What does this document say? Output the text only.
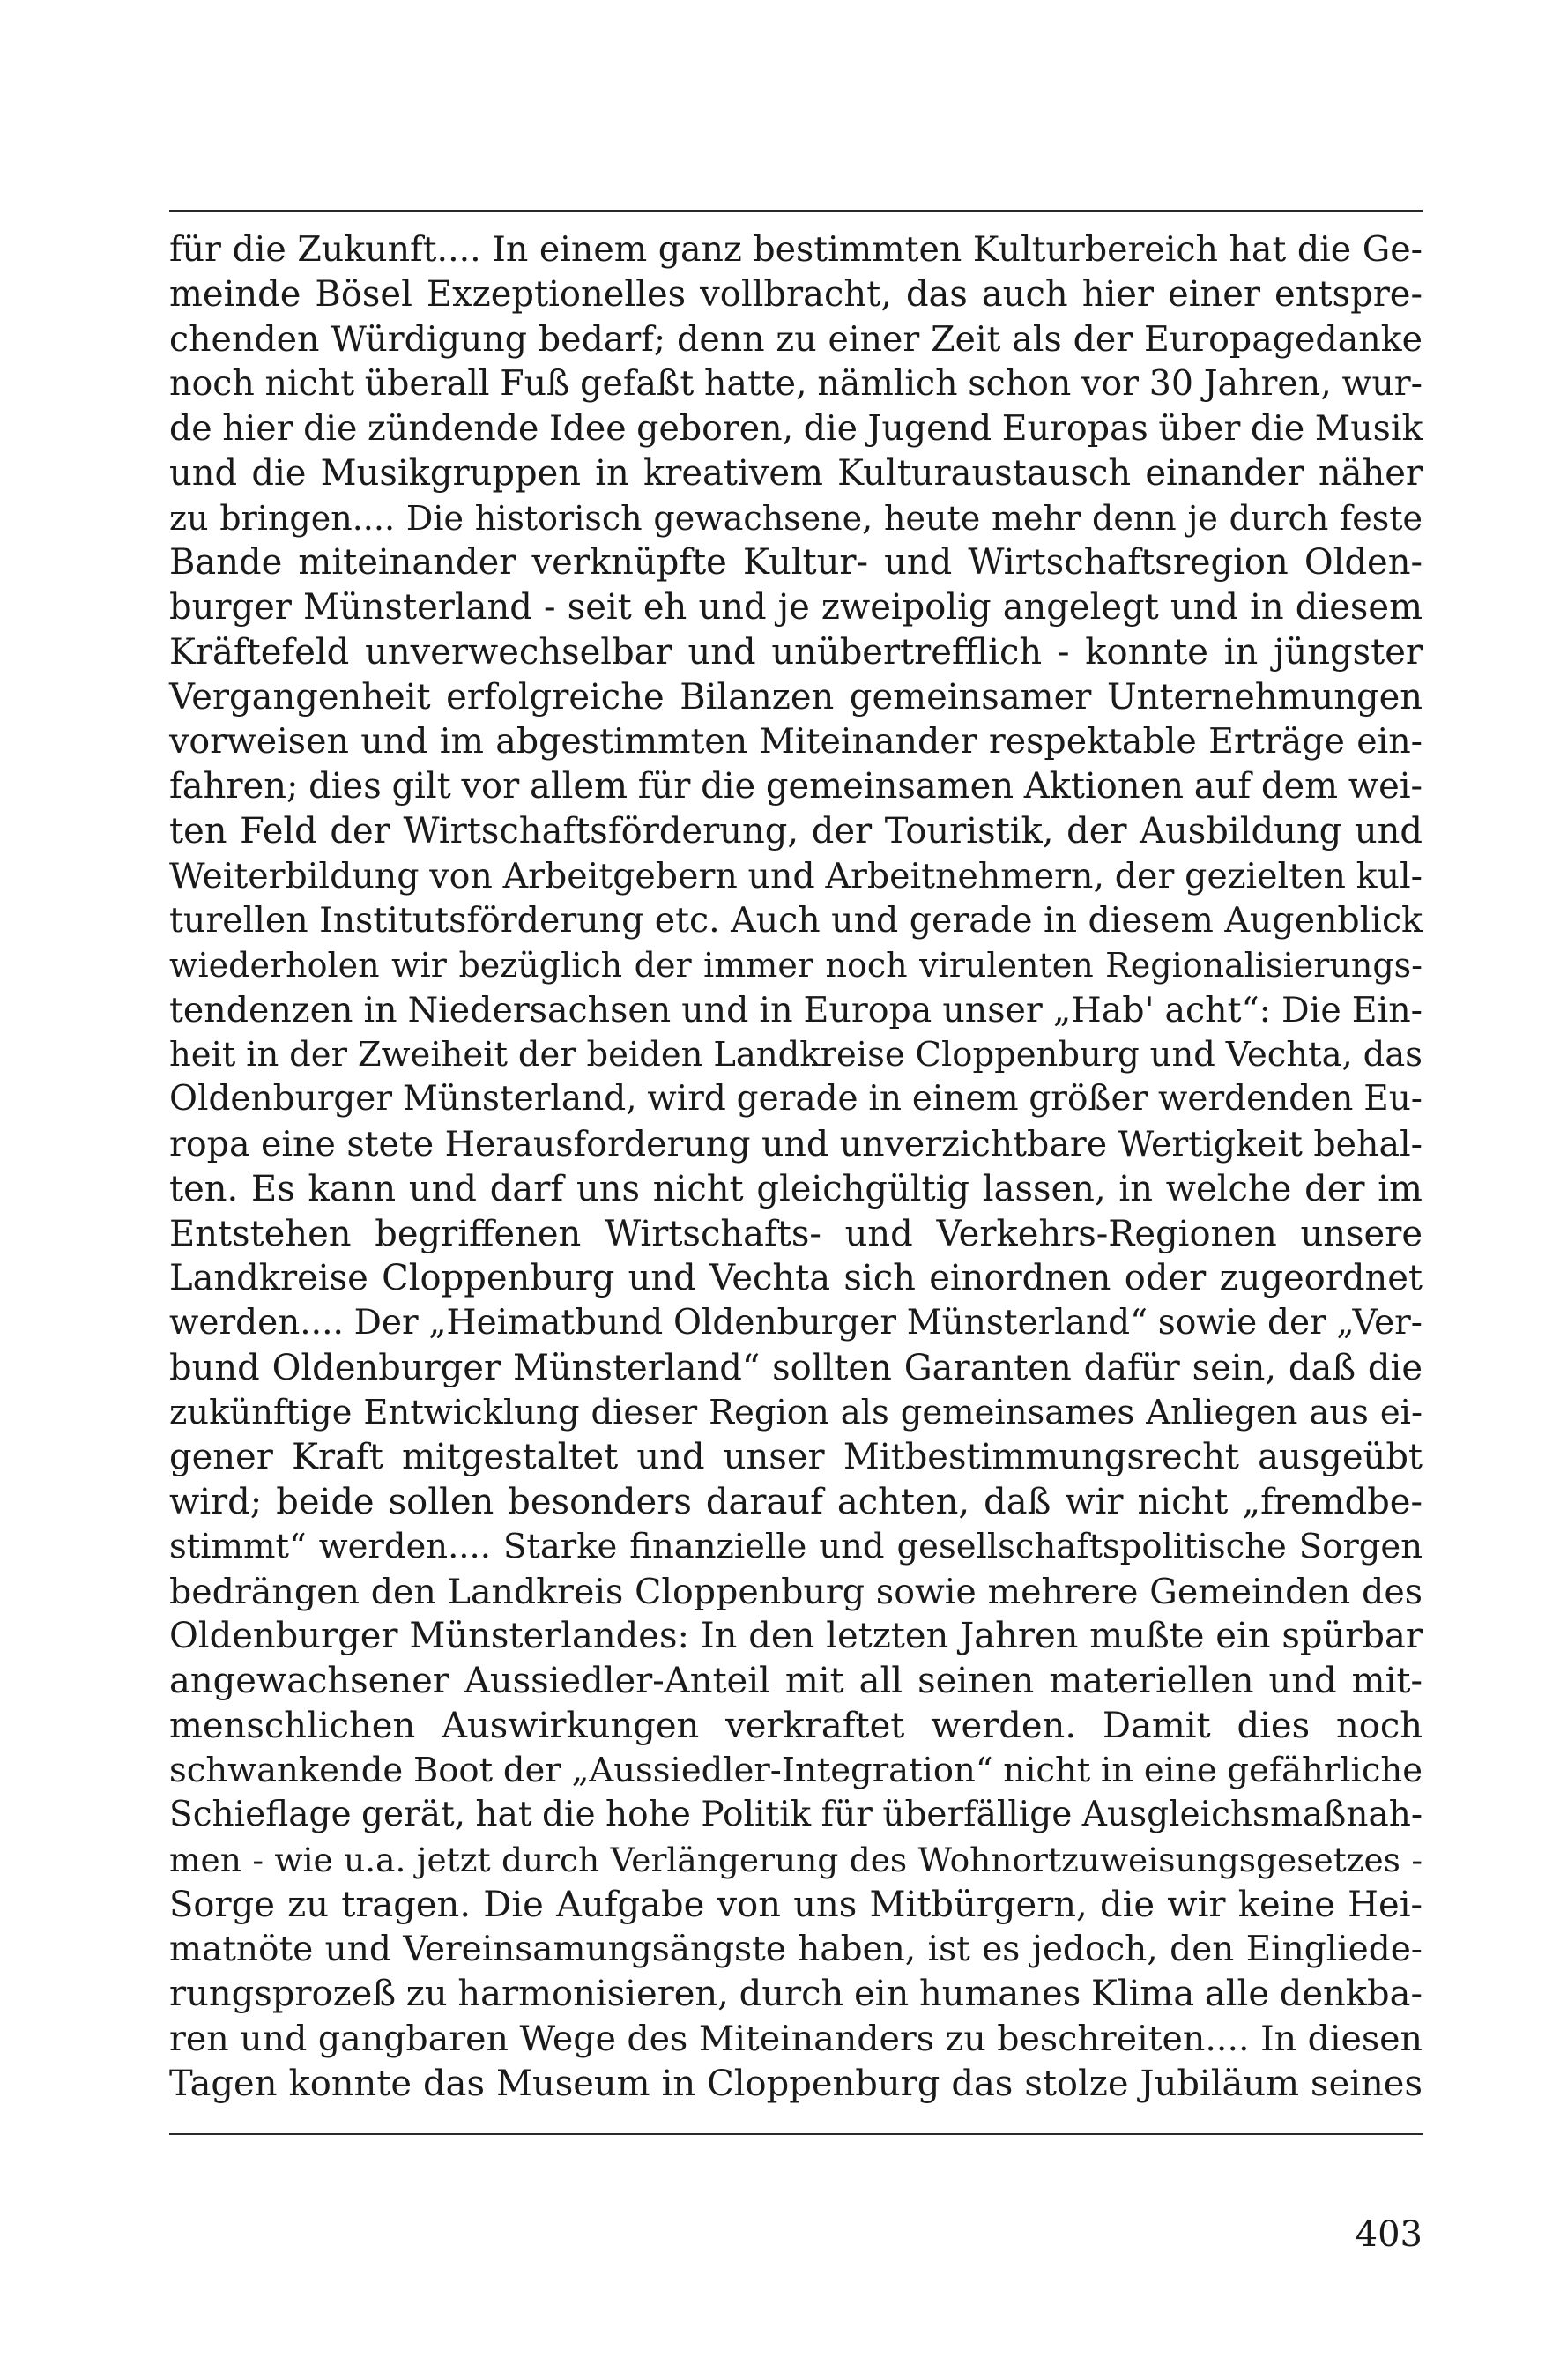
für die Zukunft.... In einem ganz bestimmten Kulturbereich hat die Ge-
meinde Bösel Exzeptionelles vollbracht, das auch hier einer entspre-
chenden Würdigung bedarf; denn zu einer Zeit als der Europagedanke
noch nicht überall Fuß gefaßt hatte, nämlich schon vor 30 Jahren, wur-
de hier die zündende Idee geboren, die Jugend Europas über die Musik
und die Musikgruppen in kreativem Kulturaustausch einander näher
zu bringen.... Die historisch gewachsene, heute mehr denn je durch feste
Bande miteinander verknüpfte Kultur- und Wirtschaftsregion Olden-
burger Münsterland - seit eh und je zweipolig angelegt und in diesem
Kräftefeld unverwechselbar und unübertrefflich - konnte in jüngster
Vergangenheit erfolgreiche Bilanzen gemeinsamer Unternehmungen
vorweisen und im abgestimmten Miteinander respektable Erträge ein-
fahren; dies gilt vor allem für die gemeinsamen Aktionen auf dem wei-
ten Feld der Wirtschaftsförderung, der Touristik, der Ausbildung und
Weiterbildung von Arbeitgebern und Arbeitnehmern, der gezielten kul-
turellen Institutsförderung etc. Auch und gerade in diesem Augenblick
wiederholen wir bezüglich der immer noch virulenten Regionalisierungs-
tendenzen in Niedersachsen und in Europa unser „Hab' acht“: Die Ein-
heit in der Zweiheit der beiden Landkreise Cloppenburg und Vechta, das
Oldenburger Münsterland, wird gerade in einem größer werdenden Eu-
ropa eine stete Herausforderung und unverzichtbare Wertigkeit behal-
ten. Es kann und darf uns nicht gleichgültig lassen, in welche der im
Entstehen begriffenen Wirtschafts- und Verkehrs-Regionen unsere
Landkreise Cloppenburg und Vechta sich einordnen oder zugeordnet
werden.... Der „Heimatbund Oldenburger Münsterland“ sowie der „Ver-
bund Oldenburger Münsterland“ sollten Garanten dafür sein, daß die
zukünftige Entwicklung dieser Region als gemeinsames Anliegen aus ei-
gener Kraft mitgestaltet und unser Mitbestimmungsrecht ausgeübt
wird; beide sollen besonders darauf achten, daß wir nicht „fremdbe-
stimmt“ werden.... Starke finanzielle und gesellschaftspolitische Sorgen
bedrängen den Landkreis Cloppenburg sowie mehrere Gemeinden des
Oldenburger Münsterlandes: In den letzten Jahren mußte ein spürbar
angewachsener Aussiedler-Anteil mit all seinen materiellen und mit-
menschlichen Auswirkungen verkraftet werden. Damit dies noch
schwankende Boot der „Aussiedler-Integration“ nicht in eine gefährliche
Schieflage gerät, hat die hohe Politik für überfällige Ausgleichsmaßnah-
men - wie u.a. jetzt durch Verlängerung des Wohnortzuweisungsgesetzes -
Sorge zu tragen. Die Aufgabe von uns Mitbürgern, die wir keine Hei-
matnöte und Vereinsamungsängste haben, ist es jedoch, den Eingliede-
rungsprozeß zu harmonisieren, durch ein humanes Klima alle denkba-
ren und gangbaren Wege des Miteinanders zu beschreiten.... In diesen
Tagen konnte das Museum in Cloppenburg das stolze Jubiläum seines
403
